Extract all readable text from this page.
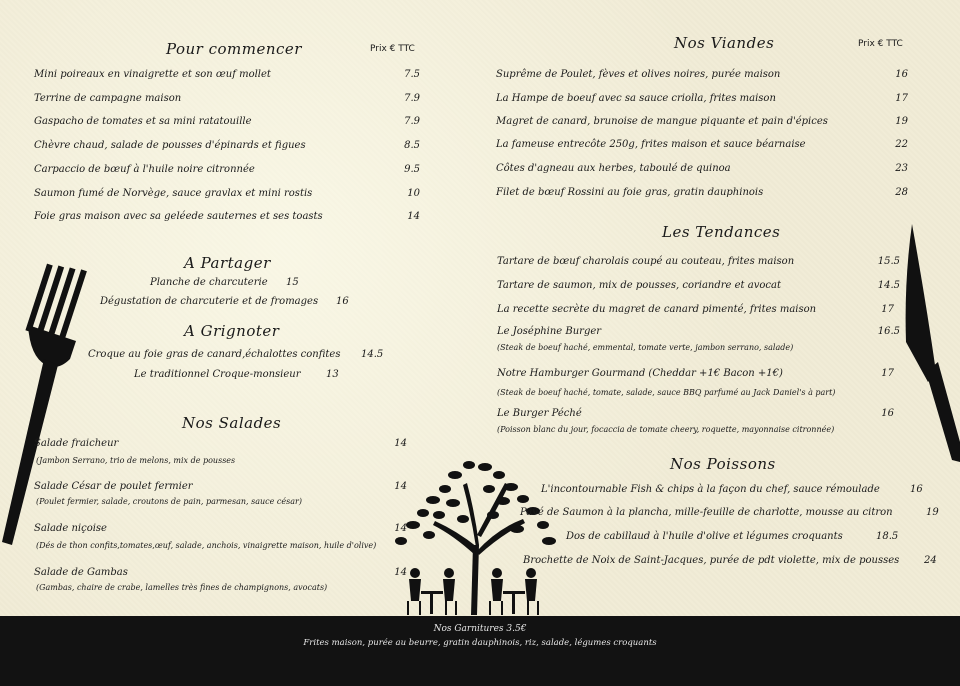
Pour commencer	Prix € TTC
Mini poireaux en vinaigrette et son œuf mollet	7.5
Terrine de campagne maison	7.9
Gaspacho de tomates et sa mini ratatouille	7.9
Chèvre chaud, salade de pousses d'épinards et figues	8.5
Carpaccio de bœuf à l'huile noire citronnée	9.5
Saumon fumé de Norvège, sauce gravlax et mini rostis	10
Foie gras maison avec sa geléede sauternes et ses toasts	14
A Partager
Planche de charcuterie 15
Dégustation de charcuterie et de fromages 16
A Grignoter
Croque au foie gras de canard,échalottes confites 14.5
Le traditionnel Croque-monsieur	13
Nos Salades
Salade fraicheur	14
(Jambon Serrano, trio de melons, mix de pousses
Salade César de poulet fermier	14
(Poulet fermier, salade, croutons de pain, parmesan, sauce césar)
Salade niçoise	14
(Dés de thon confits,tomates,œuf, salade, anchois, vinaigrette maison, huile d'olive)
Salade de Gambas	14
(Gambas, chaire de crabe, lamelles très fines de champignons, avocats)
Nos Viandes	Prix € TTC
Suprême de Poulet, fèves et olives noires, purée maison	16
La Hampe de boeuf avec sa sauce criolla, frites maison	17
Magret de canard, brunoise de mangue piquante et pain d'épices	19
La fameuse entrecôte 250g, frites maison et sauce béarnaise	22
Côtes d'agneau aux herbes, taboulé de quinoa	23
Filet de bœuf Rossini au foie gras, gratin dauphinois	28
Les Tendances
Tartare de bœuf charolais coupé au couteau, frites maison	15.5
Tartare de saumon, mix de pousses, coriandre et avocat	14.5
La recette secrète du magret de canard pimenté, frites maison	17
Le Joséphine Burger	16.5
(Steak de boeuf haché, emmental, tomate verte, jambon serrano, salade)
Notre Hamburger Gourmand (Cheddar +1€ Bacon +1€)	17
(Steak de boeuf haché, tomate, salade, sauce BBQ parfumé au Jack Daniel's à part)
Le Burger Péché	16
(Poisson blanc du jour, focaccia de tomate cheery, roquette, mayonnaise citronnée)
Nos Poissons
L'incontournable Fish & chips à la façon du chef, sauce rémoulade	16
Pavé de Saumon à la plancha, mille-feuille de charlotte, mousse au citron	19
Dos de cabillaud à l'huile d'olive et légumes croquants	18.5
Brochette de Noix de Saint-Jacques, purée de pdt violette, mix de pousses 24
Nos Garnitures 3.5€
Frites maison, purée au beurre, gratin dauphinois, riz, salade, légumes croquants
